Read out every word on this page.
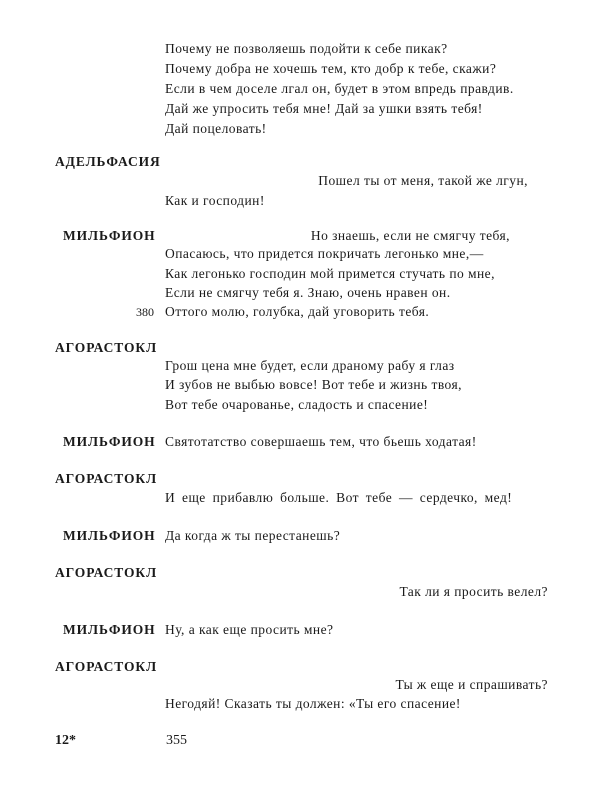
Почему не позволяешь подойти к себе пикак?
Почему добра не хочешь тем, кто добр к тебе, скажи?
Если в чем доселе лгал он, будет в этом впредь правдив.
Дай же упросить тебя мне! Дай за ушки взять тебя!
Дай поцеловать!
АДЕЛЬФАСИЯ
Пошел ты от меня, такой же лгун,
Как и господин!
МИЛЬФИОН	Но знаешь, если не смягчу тебя,
Опасаюсь, что придется покричать легонько мне,—
Как легонько господин мой примется стучать по мне,
Если не смягчу тебя я. Знаю, очень нравен он.
380 Оттого молю, голубка, дай уговорить тебя.
АГОРАСТОКЛ
Грош цена мне будет, если драному рабу я глаз
И зубов не выбью вовсе! Вот тебе и жизнь твоя,
Вот тебе очарованье, сладость и спасение!
МИЛЬФИОН Святотатство совершаешь тем, что бьешь ходатая!
АГОРАСТОКЛ
И еще прибавлю больше. Вот тебе — сердечко, мед!
МИЛЬФИОН Да когда ж ты перестанешь?
АГОРАСТОКЛ
Так ли я просить велел?
МИЛЬФИОН Ну, а как еще просить мне?
АГОРАСТОКЛ
Ты ж еще и спрашивать?
Негодяй! Сказать ты должен: «Ты его спасение!
12*	355
